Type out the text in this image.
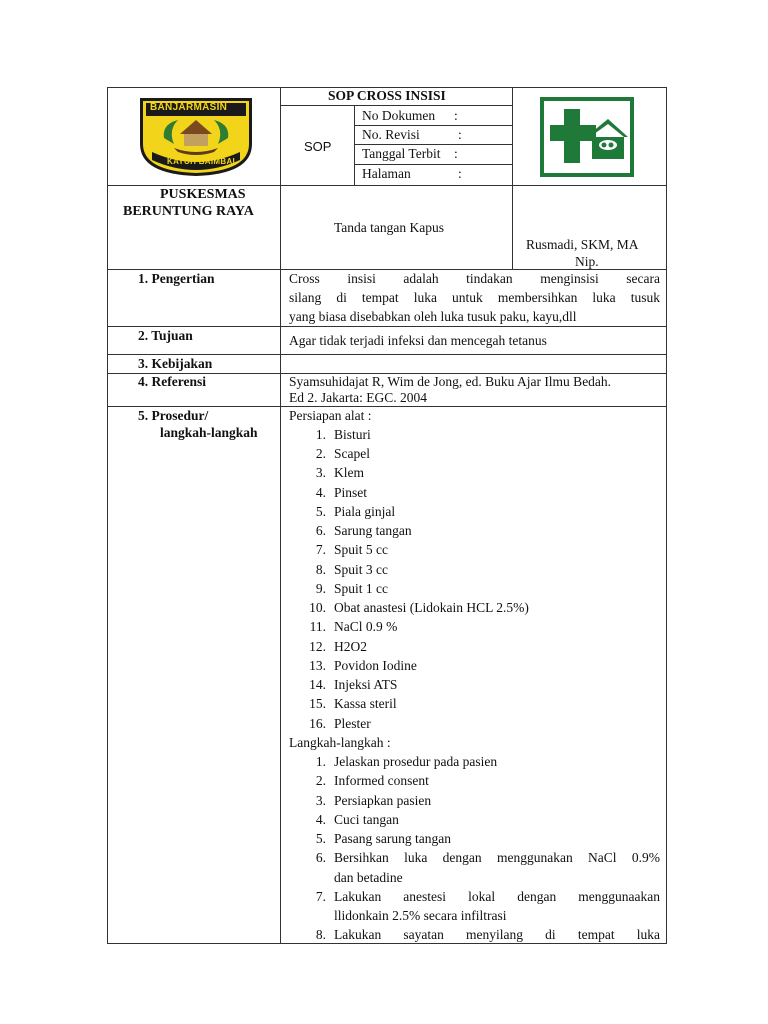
BANJARMASIN
KAYUH BAIMBAI
SOP CROSS INSISI
SOP
No Dokumen :
No. Revisi	:
Tanggal Terbit :
Halaman	:
PUSKESMAS
BERUNTUNG RAYA
Tanda tangan Kapus
Rusmadi, SKM, MA
Nip.
1. Pengertian	Cross insisi adalah tindakan menginsisi secara
silang di tempat luka untuk membersihkan luka tusuk
yang biasa disebabkan oleh luka tusuk paku, kayu,dll
2. Tujuan	Agar tidak terjadi infeksi dan mencegah tetanus
3. Kebijakan
4. Referensi	Syamsuhidajat R, Wim de Jong, ed. Buku Ajar Ilmu Bedah.
Ed 2. Jakarta: EGC. 2004
5. Prosedur/
langkah-langkah
Persiapan alat :
1. Bisturi
2. Scapel
3. Klem
4. Pinset
5. Piala ginjal
6. Sarung tangan
7. Spuit 5 cc
8. Spuit 3 cc
9. Spuit 1 cc
10. Obat anastesi (Lidokain HCL 2.5%)
11. NaCl 0.9 %
12. H2O2
13. Povidon Iodine
14. Injeksi ATS
15. Kassa steril
16. Plester
Langkah-langkah :
1. Jelaskan prosedur pada pasien
2. Informed consent
3. Persiapkan pasien
4. Cuci tangan
5. Pasang sarung tangan
6. Bersihkan luka dengan menggunakan NaCl 0.9%
dan betadine
7. Lakukan anestesi lokal dengan menggunaakan
llidonkain 2.5% secara infiltrasi
8. Lakukan sayatan menyilang di tempat luka
